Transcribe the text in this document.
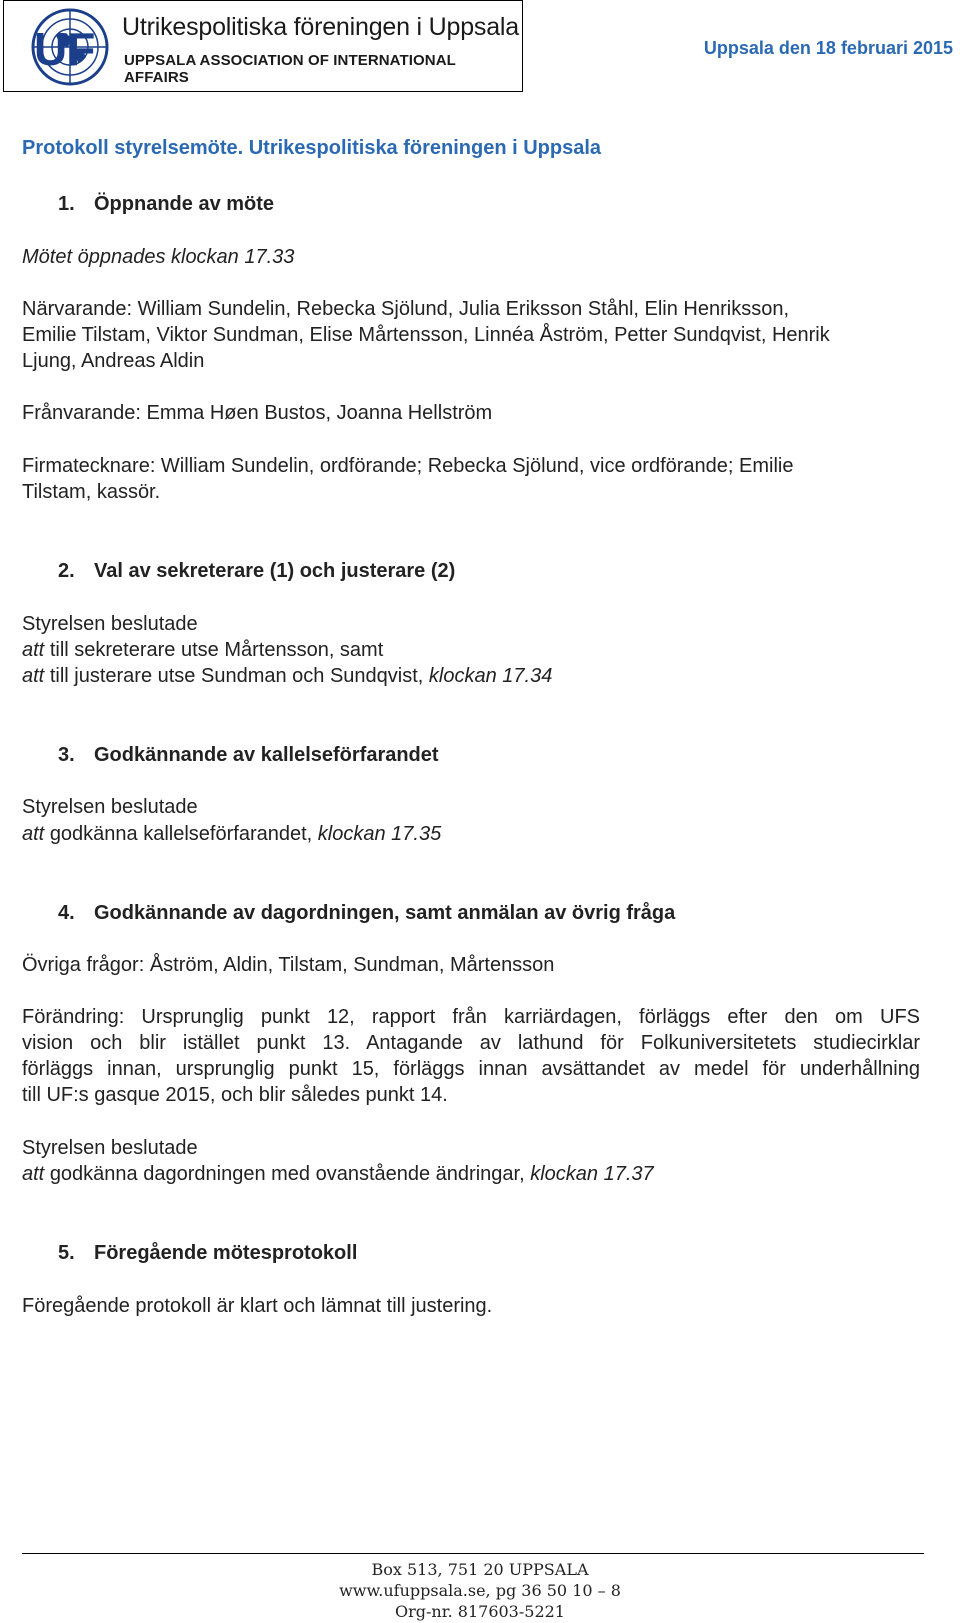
UF Utrikespolitiska föreningen i Uppsala
UPPSALA ASSOCIATION OF INTERNATIONAL AFFAIRS
Uppsala den 18 februari 2015
Protokoll styrelsemöte. Utrikespolitiska föreningen i Uppsala
1. Öppnande av möte
Mötet öppnades klockan 17.33
Närvarande: William Sundelin, Rebecka Sjölund, Julia Eriksson Ståhl, Elin Henriksson,
Emilie Tilstam, Viktor Sundman, Elise Mårtensson, Linnéa Åström, Petter Sundqvist, Henrik
Ljung, Andreas Aldin
Frånvarande: Emma Høen Bustos, Joanna Hellström
Firmatecknare: William Sundelin, ordförande; Rebecka Sjölund, vice ordförande; Emilie
Tilstam, kassör.
2. Val av sekreterare (1) och justerare (2)
Styrelsen beslutade
att till sekreterare utse Mårtensson, samt
att till justerare utse Sundman och Sundqvist, klockan 17.34
3. Godkännande av kallelseförfarandet
Styrelsen beslutade
att godkänna kallelseförfarandet, klockan 17.35
4. Godkännande av dagordningen, samt anmälan av övrig fråga
Övriga frågor: Åström, Aldin, Tilstam, Sundman, Mårtensson
Förändring: Ursprunglig punkt 12, rapport från karriärdagen, förläggs efter den om UFS
vision och blir istället punkt 13. Antagande av lathund för Folkuniversitetets studiecirklar
förläggs innan, ursprunglig punkt 15, förläggs innan avsättandet av medel för underhållning
till UF:s gasque 2015, och blir således punkt 14.
Styrelsen beslutade
att godkänna dagordningen med ovanstående ändringar, klockan 17.37
5. Föregående mötesprotokoll
Föregående protokoll är klart och lämnat till justering.
Box 513, 751 20 UPPSALA
www.ufuppsala.se, pg 36 50 10 – 8
Org-nr. 817603-5221
